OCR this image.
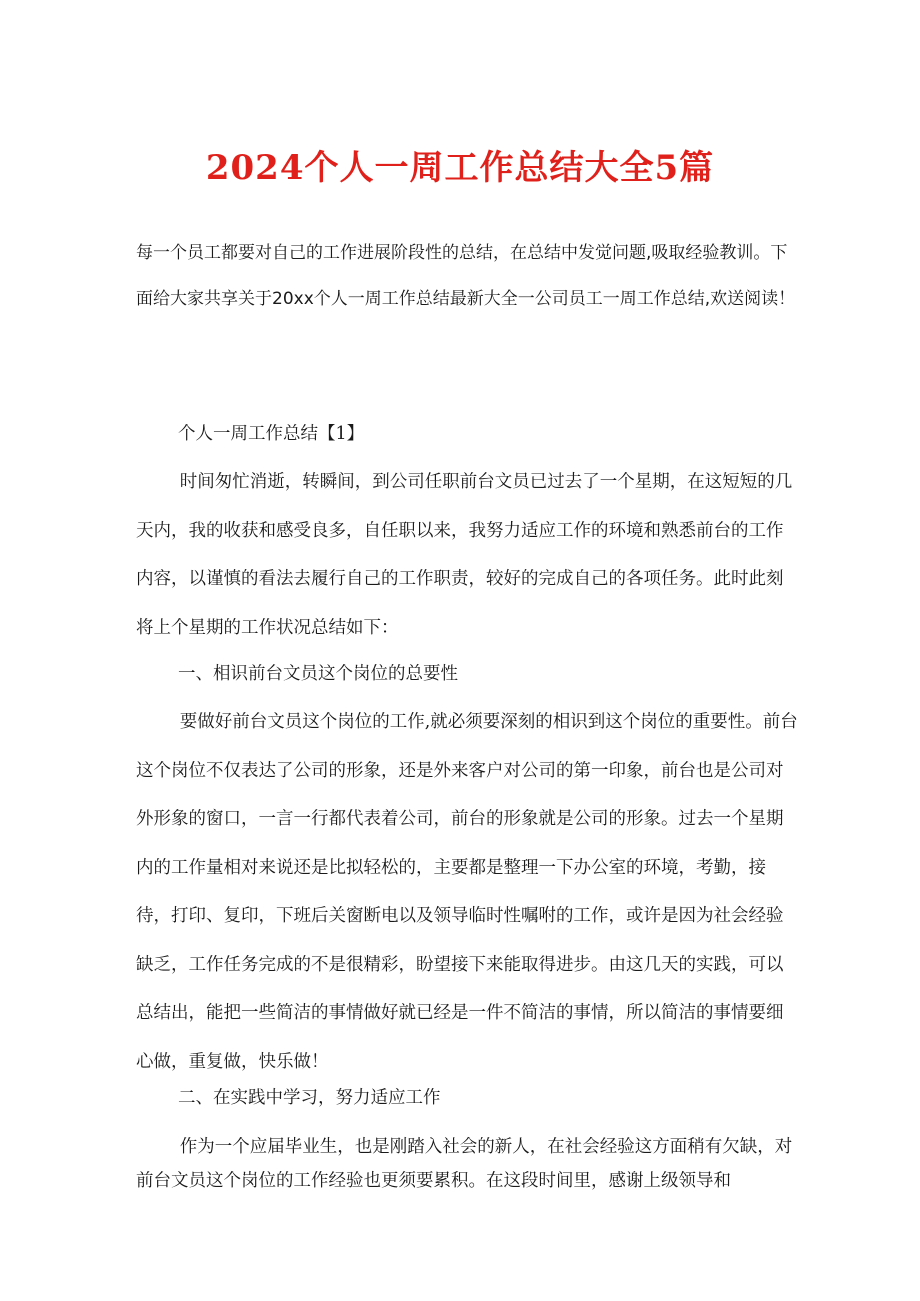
2024个人一周工作总结大全5篇

每一个员工都要对自己的工作进展阶段性的总结，在总结中发觉问题,吸取经验教训。下面给大家共享关于20xx个人一周工作总结最新大全一公司员工一周工作总结,欢送阅读！

个人一周工作总结【1】

时间匆忙消逝，转瞬间，到公司任职前台文员已过去了一个星期，在这短短的几天内，我的收获和感受良多，自任职以来，我努力适应工作的环境和熟悉前台的工作内容，以谨慎的看法去履行自己的工作职责，较好的完成自己的各项任务。此时此刻将上个星期的工作状况总结如下：

一、相识前台文员这个岗位的总要性

要做好前台文员这个岗位的工作,就必须要深刻的相识到这个岗位的重要性。前台这个岗位不仅表达了公司的形象，还是外来客户对公司的第一印象，前台也是公司对外形象的窗口，一言一行都代表着公司，前台的形象就是公司的形象。过去一个星期内的工作量相对来说还是比拟轻松的，主要都是整理一下办公室的环境，考勤，接待，打印、复印，下班后关窗断电以及领导临时性嘱咐的工作，或许是因为社会经验缺乏，工作任务完成的不是很精彩，盼望接下来能取得进步。由这几天的实践，可以总结出，能把一些简洁的事情做好就已经是一件不简洁的事情，所以简洁的事情要细心做，重复做，快乐做！

二、在实践中学习，努力适应工作

作为一个应届毕业生，也是刚踏入社会的新人，在社会经验这方面稍有欠缺，对前台文员这个岗位的工作经验也更须要累积。在这段时间里，感谢上级领导和
